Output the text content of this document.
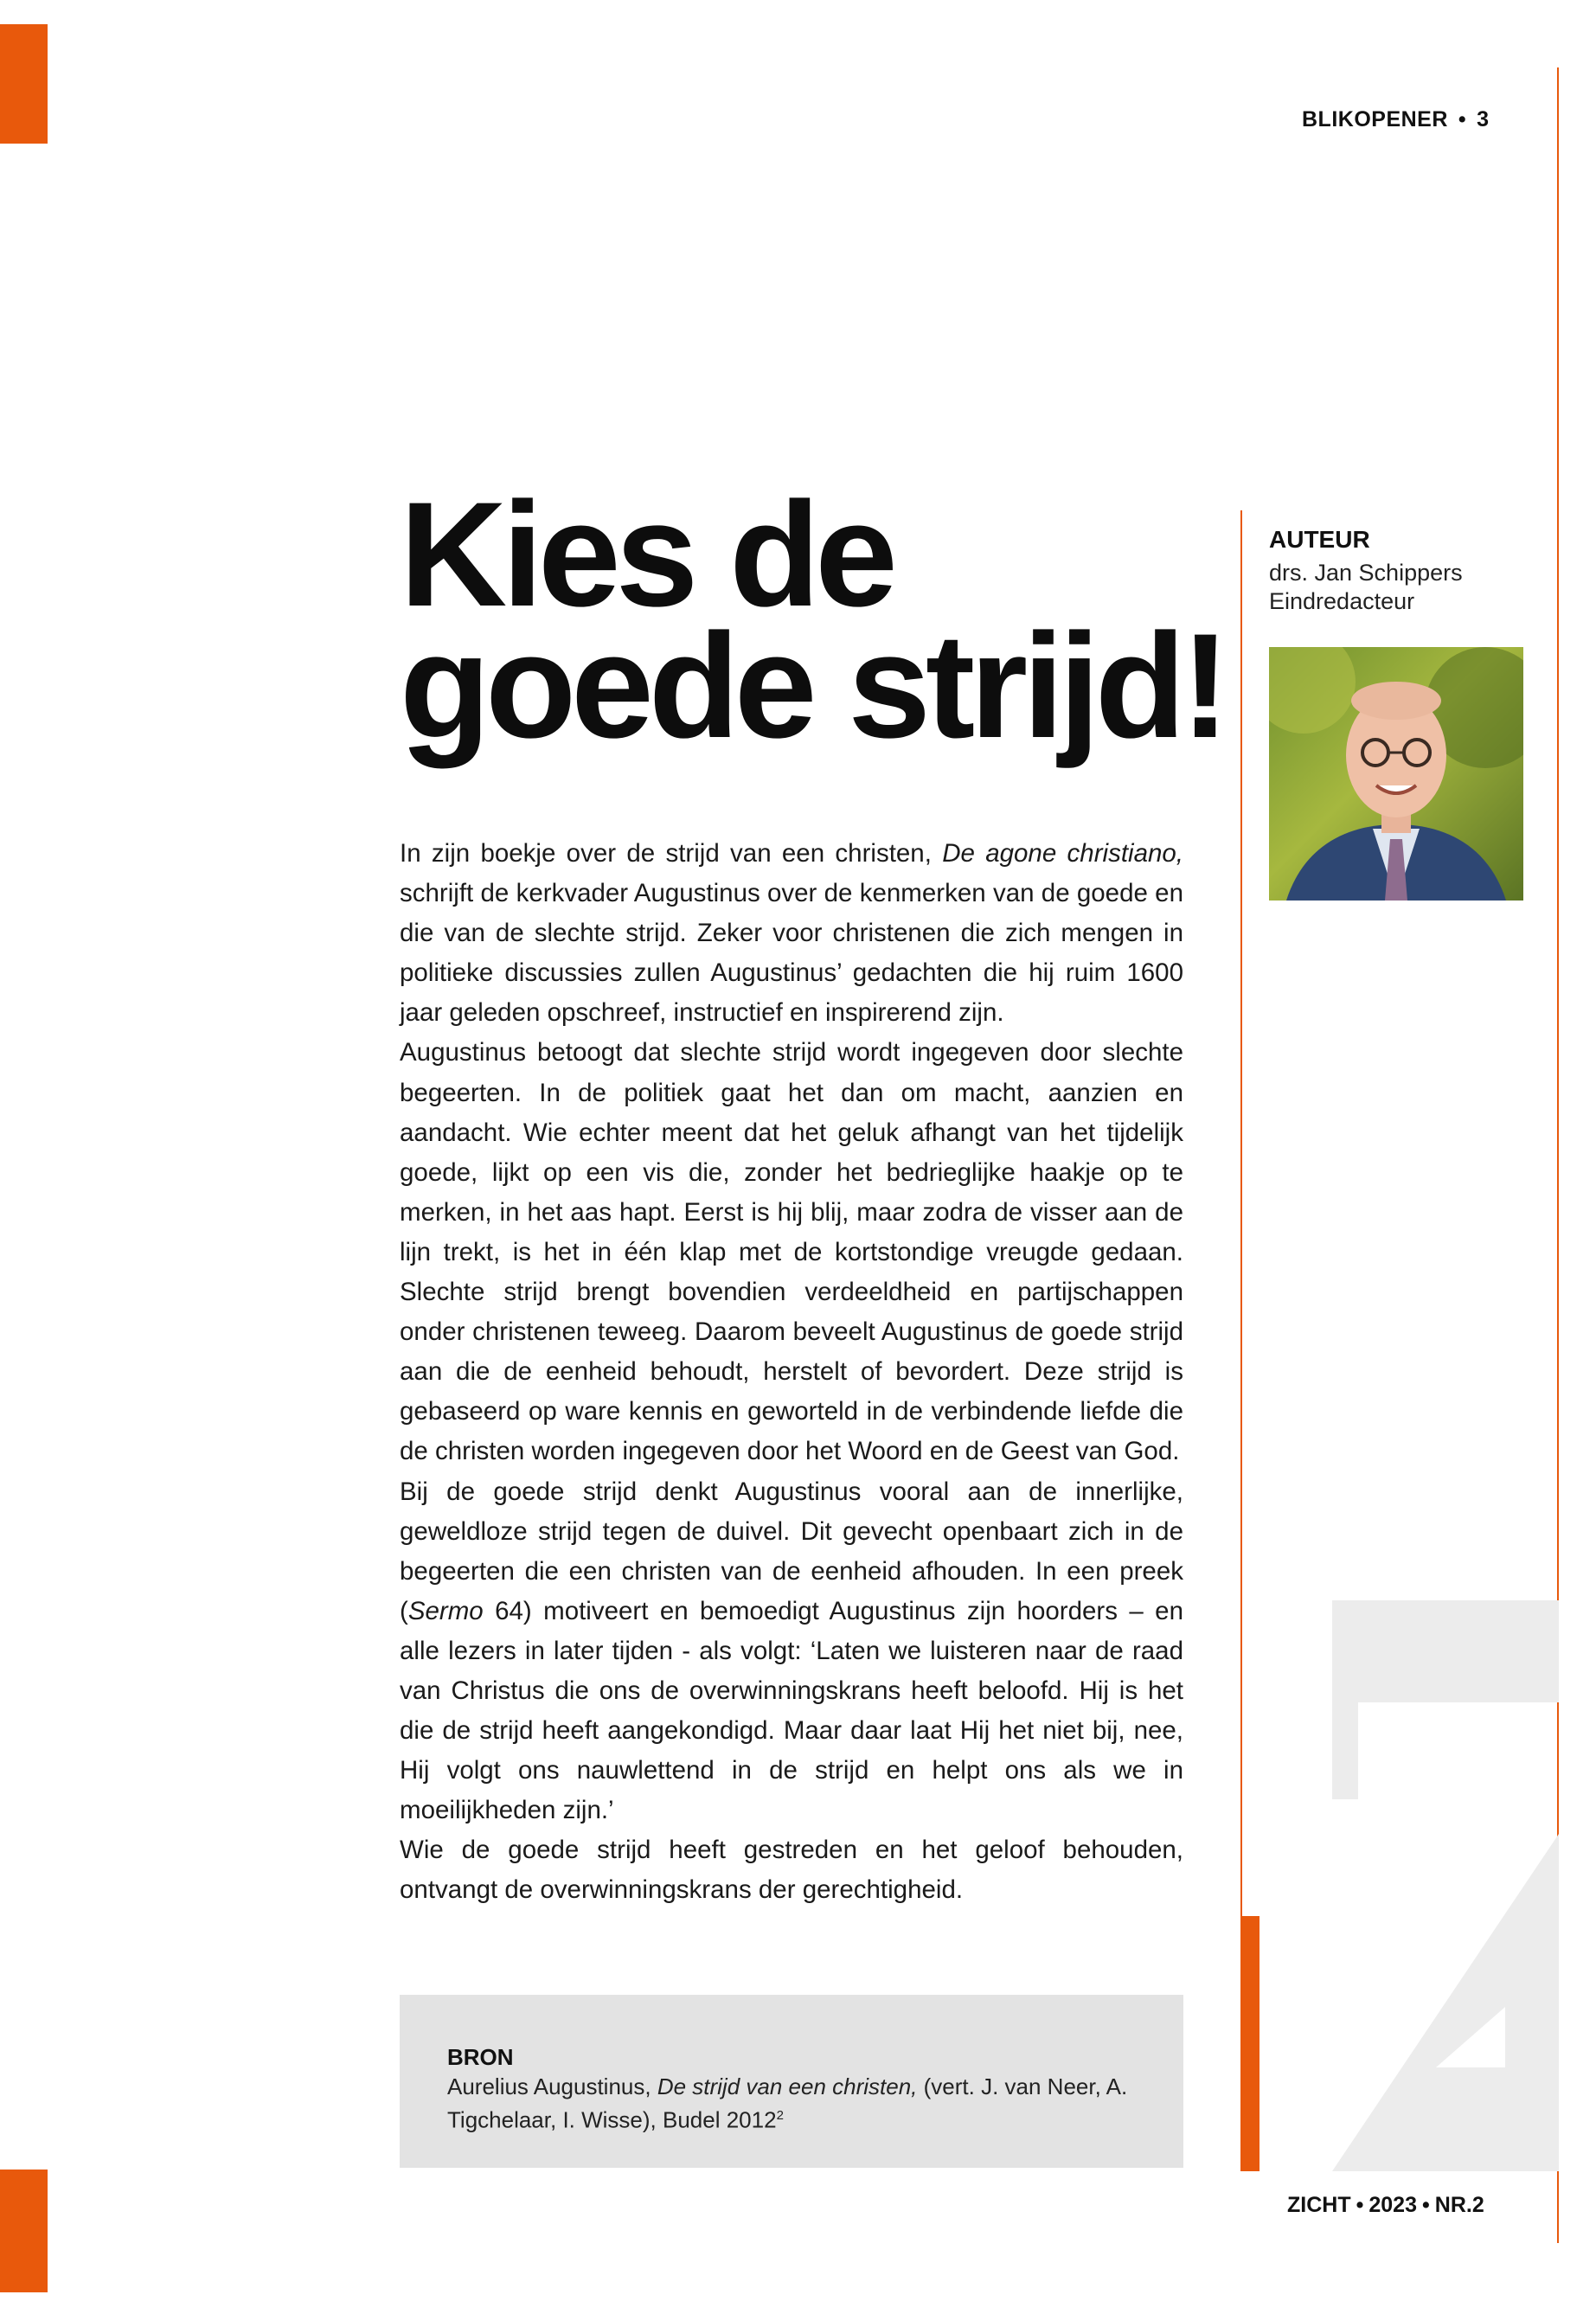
BLIKOPENER • 3
Kies de
goede strijd!
AUTEUR
drs. Jan Schippers
Eindredacteur

In zijn boekje over de strijd van een christen, De agone christiano, schrijft de kerkvader Augustinus over de kenmerken van de goede en die van de slechte strijd. Zeker voor christenen die zich mengen in politieke discussies zullen Augustinus’ gedachten die hij ruim 1600 jaar geleden opschreef, instructief en inspirerend zijn.

Augustinus betoogt dat slechte strijd wordt ingegeven door slechte begeerten. In de politiek gaat het dan om macht, aanzien en aandacht. Wie echter meent dat het geluk afhangt van het tijdelijk goede, lijkt op een vis die, zonder het bedrieglijke haakje op te merken, in het aas hapt. Eerst is hij blij, maar zodra de visser aan de lijn trekt, is het in één klap met de kortstondige vreugde gedaan. Slechte strijd brengt bovendien verdeeldheid en partijschappen onder christenen teweeg. Daarom beveelt Augustinus de goede strijd aan die de eenheid behoudt, herstelt of bevordert. Deze strijd is gebaseerd op ware kennis en geworteld in de verbindende liefde die de christen worden ingegeven door het Woord en de Geest van God.

Bij de goede strijd denkt Augustinus vooral aan de innerlijke, geweldloze strijd tegen de duivel. Dit gevecht openbaart zich in de begeerten die een christen van de eenheid afhouden. In een preek (Sermo 64) motiveert en bemoedigt Augustinus zijn hoorders – en alle lezers in later tijden - als volgt: ‘Laten we luisteren naar de raad van Christus die ons de overwinningskrans heeft beloofd. Hij is het die de strijd heeft aangekondigd. Maar daar laat Hij het niet bij, nee, Hij volgt ons nauwlettend in de strijd en helpt ons als we in moeilijkheden zijn.’

Wie de goede strijd heeft gestreden en het geloof behouden, ontvangt de overwinningskrans der gerechtigheid.

BRON
Aurelius Augustinus, De strijd van een christen, (vert. J. van Neer, A. Tigchelaar, I. Wisse), Budel 2012$^2$
ZICHT • 2023 • NR.2
